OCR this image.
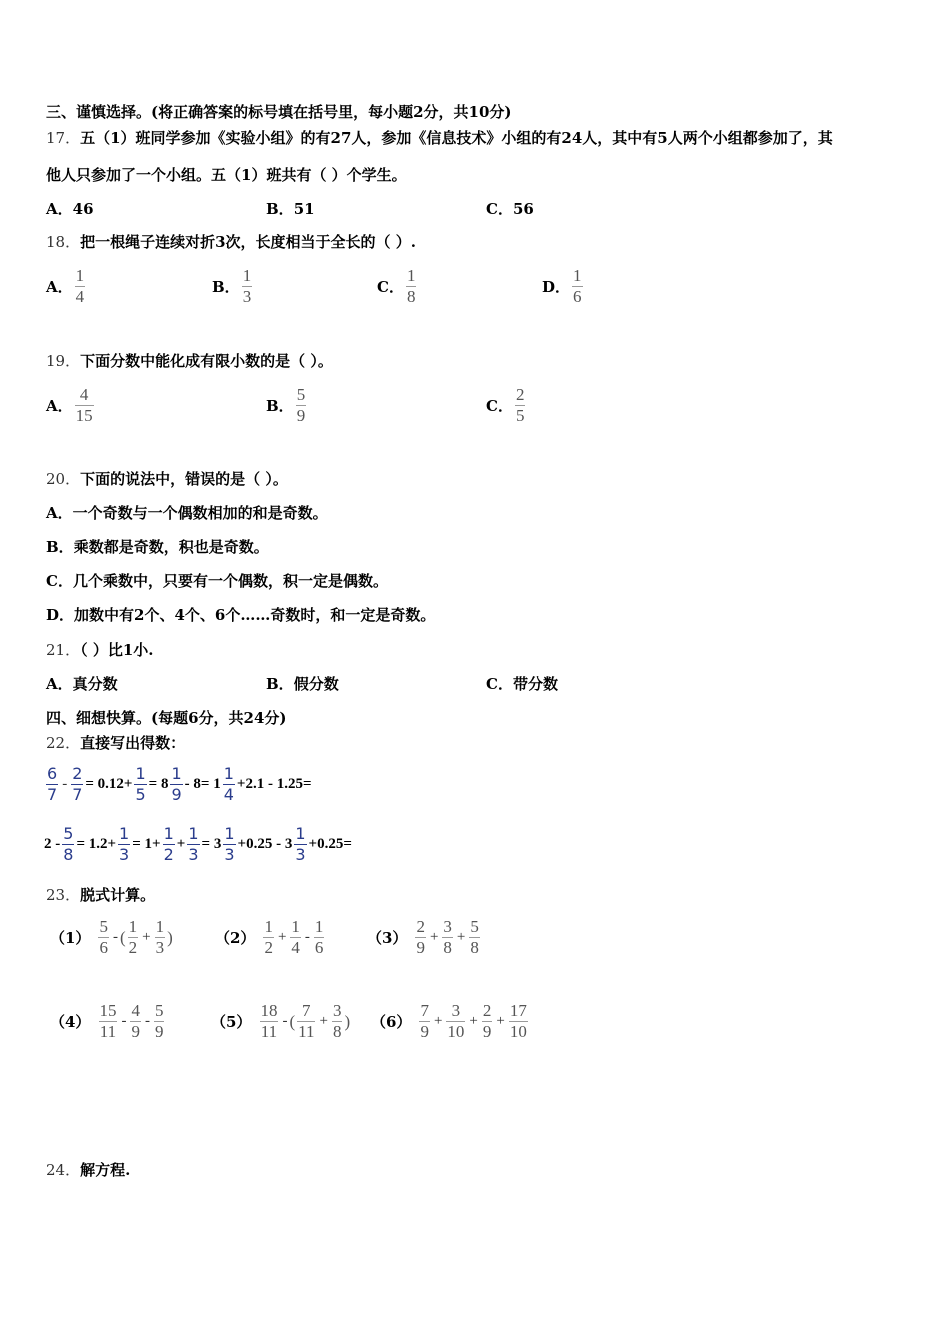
三、谨慎选择。(将正确答案的标号填在括号里，每小题2分，共10分)
17．五（1）班同学参加《实验小组》的有27人，参加《信息技术》小组的有24人，其中有5人两个小组都参加了，其
他人只参加了一个小组。五（1）班共有（ ）个学生。
A．46	B．51	C．56
18．把一根绳子连续对折3次，长度相当于全长的（ ）.
A． $\frac{1}{4}$	B． $\frac{1}{3}$	C． $\frac{1}{8}$	D． $\frac{1}{6}$
19．下面分数中能化成有限小数的是（ ）。
A． $\frac{4}{15}$	B． $\frac{5}{9}$	C． $\frac{2}{5}$
20．下面的说法中，错误的是（ ）。
A．一个奇数与一个偶数相加的和是奇数。
B．乘数都是奇数，积也是奇数。
C．几个乘数中，只要有一个偶数，积一定是偶数。
D．加数中有2个、4个、6个……奇数时，和一定是奇数。
21．（ ）比1小.
A．真分数	B．假分数	C．带分数
四、细想快算。(每题6分，共24分)
22．直接写出得数：
$\frac{6}{7} - \frac{2}{7} = 0.12+ \frac{1}{5} = 8 \frac{1}{9} - 8= 1 \frac{1}{4} +2.1 - 1.25=$
$2 - \frac{5}{8} = 1.2+ \frac{1}{3} = 1+ \frac{1}{2} + \frac{1}{3} = 3 \frac{1}{3} +0.25 - 3 \frac{1}{3} +0.25=$
23．脱式计算。
$(1) \frac{5}{6}$ - ( $\frac{1}{2} + \frac{1}{3}$ )	$(2) \frac{1}{2} + \frac{1}{4} - \frac{1}{6}$	$(3) \frac{2}{9} + \frac{3}{8} + \frac{5}{8}$
$(4) \frac{15}{11} - \frac{4}{9} - \frac{5}{9}$	$(5) \frac{18}{11}$ - ( $\frac{7}{11} + \frac{3}{8}$ ) $(6) \frac{7}{9} + \frac{3}{10} + \frac{2}{9} + \frac{17}{10}$
24．解方程.
